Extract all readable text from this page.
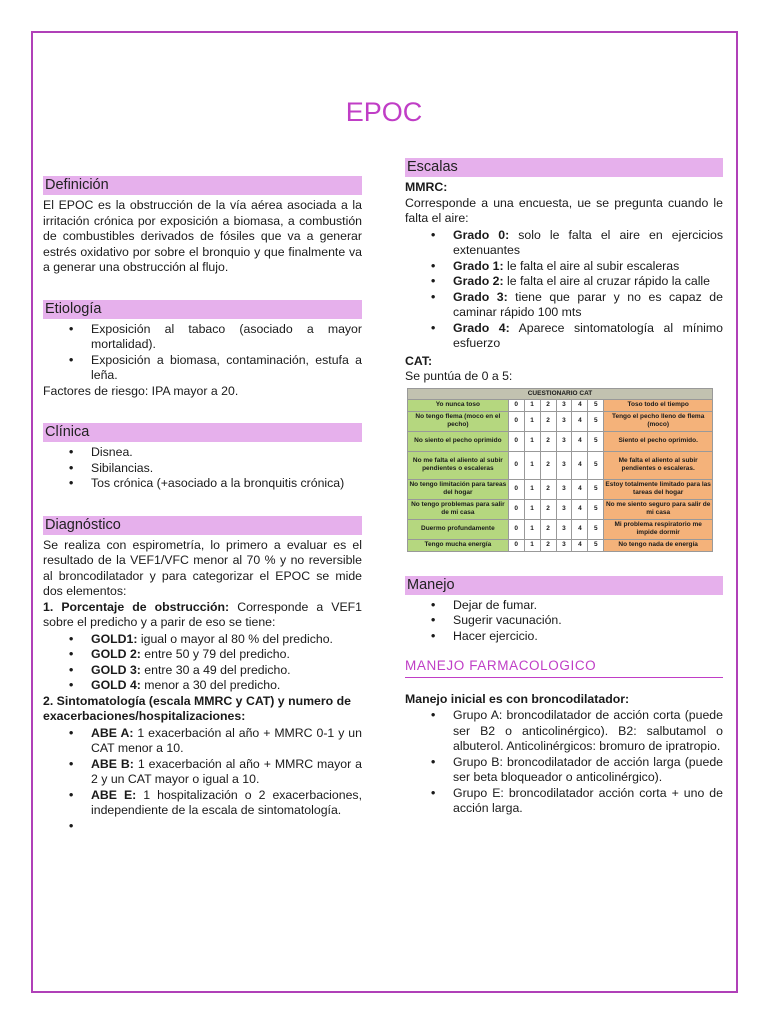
EPOC
Definición
El EPOC es la obstrucción de la vía aérea asociada a la irritación crónica por exposición a biomasa, a combustión de combustibles derivados de fósiles que va a generar estrés oxidativo por sobre el bronquio y que finalmente va a generar una obstrucción al flujo.
Etiología
• Exposición al tabaco (asociado a mayor mortalidad).
• Exposición a biomasa, contaminación, estufa a leña.
Factores de riesgo: IPA mayor a 20.
Clínica
• Disnea.
• Sibilancias.
• Tos crónica (+asociado a la bronquitis crónica)
Diagnóstico
Se realiza con espirometría, lo primero a evaluar es el resultado de la VEF1/VFC menor al 70 % y no reversible al broncodilatador y para categorizar el EPOC se mide dos elementos:
1. Porcentaje de obstrucción: Corresponde a VEF1 sobre el predicho y a parir de eso se tiene:
• GOLD1: igual o mayor al 80 % del predicho.
• GOLD 2: entre 50 y 79 del predicho.
• GOLD 3: entre 30 a 49 del predicho.
• GOLD 4: menor a 30 del predicho.
2. Sintomatología (escala MMRC y CAT) y numero de exacerbaciones/hospitalizaciones:
• ABE A: 1 exacerbación al año + MMRC 0-1 y un CAT menor a 10.
• ABE B: 1 exacerbación al año + MMRC mayor a 2 y un CAT mayor o igual a 10.
• ABE E: 1 hospitalización o 2 exacerbaciones, independiente de la escala de sintomatología.
•
Escalas
MMRC:
Corresponde a una encuesta, ue se pregunta cuando le falta el aire:
• Grado 0: solo le falta el aire en ejercicios extenuantes
• Grado 1: le falta el aire al subir escaleras
• Grado 2: le falta el aire al cruzar rápido la calle
• Grado 3: tiene que parar y no es capaz de caminar rápido 100 mts
• Grado 4: Aparece sintomatología al mínimo esfuerzo
CAT:
Se puntúa de 0 a 5:
CUESTIONARIO CAT							
Yo nunca toso	0	1	2	3	4	5	Toso todo el tiempo
No tengo flema (moco en el pecho)	0	1	2	3	4	5	Tengo el pecho lleno de flema (moco)
No siento el pecho oprimido	0	1	2	3	4	5	Siento el pecho oprimido.
No me falta el aliento al subir pendientes o escaleras	0	1	2	3	4	5	Me falta el aliento al subir pendientes o escaleras.
No tengo limitación para tareas del hogar	0	1	2	3	4	5	Estoy totalmente limitado para las tareas del hogar
No tengo problemas para salir de mi casa	0	1	2	3	4	5	No me siento seguro para salir de mi casa
Duermo profundamente	0	1	2	3	4	5	Mi problema respiratorio me impide dormir
Tengo mucha energía	0	1	2	3	4	5	No tengo nada de energía
Manejo
• Dejar de fumar.
• Sugerir vacunación.
• Hacer ejercicio.
MANEJO FARMACOLOGICO
Manejo inicial es con broncodilatador:
• Grupo A: broncodilatador de acción corta (puede ser B2 o anticolinérgico). B2: salbutamol o albuterol. Anticolinérgicos: bromuro de ipratropio.
• Grupo B: broncodilatador de acción larga (puede ser beta bloqueador o anticolinérgico).
• Grupo E: broncodilatador acción corta + uno de acción larga.
